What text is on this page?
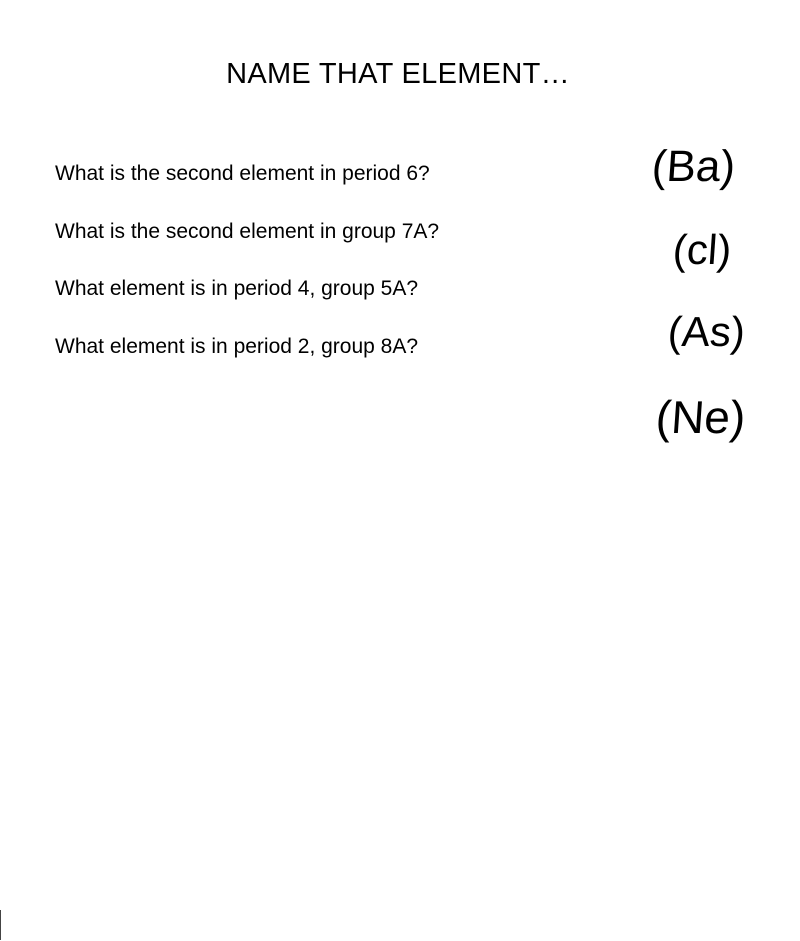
NAME THAT ELEMENT…
What is the second element in period 6?
What is the second element in group 7A?
What element is in period 4, group 5A?
What element is in period 2, group 8A?
(Ba)
(cl)
(As)
(Ne)
